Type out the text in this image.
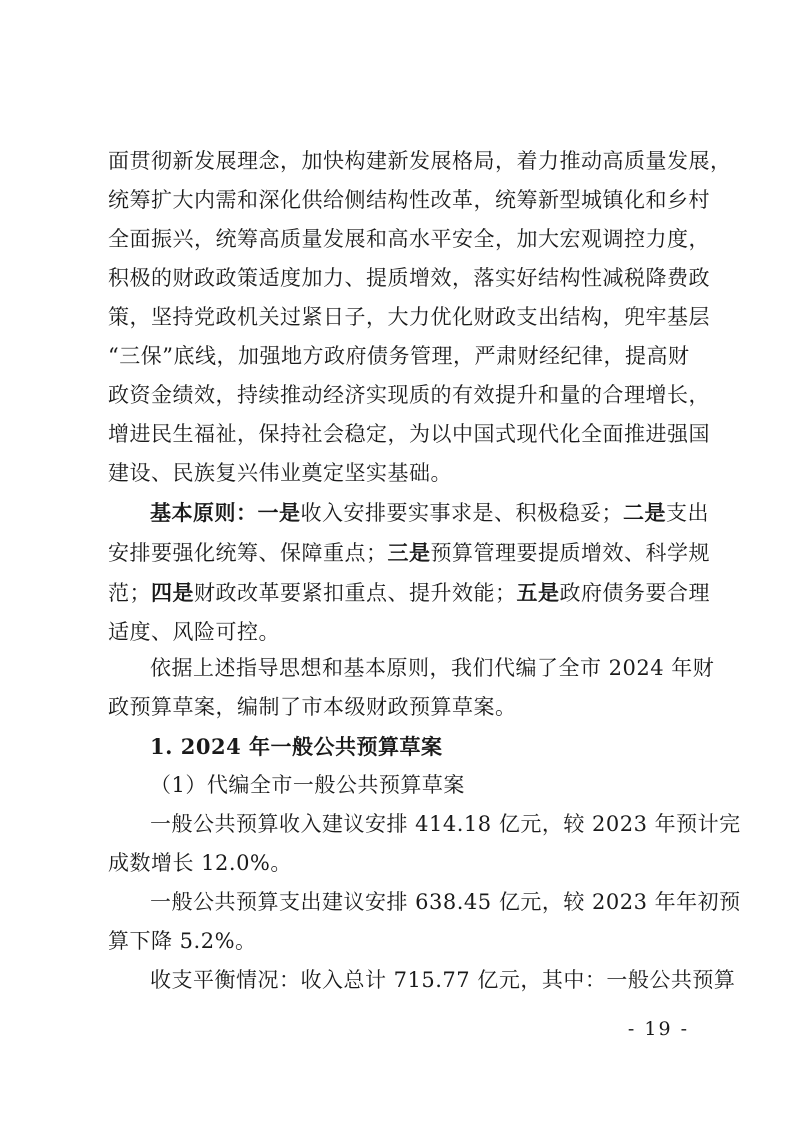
面贯彻新发展理念，加快构建新发展格局，着力推动高质量发展，
统筹扩大内需和深化供给侧结构性改革，统筹新型城镇化和乡村
全面振兴，统筹高质量发展和高水平安全，加大宏观调控力度，
积极的财政政策适度加力、提质增效，落实好结构性减税降费政
策，坚持党政机关过紧日子，大力优化财政支出结构，兜牢基层
“三保”底线，加强地方政府债务管理，严肃财经纪律，提高财
政资金绩效，持续推动经济实现质的有效提升和量的合理增长，
增进民生福祉，保持社会稳定，为以中国式现代化全面推进强国
建设、民族复兴伟业奠定坚实基础。

基本原则：一是收入安排要实事求是、积极稳妥；二是支出
安排要强化统筹、保障重点；三是预算管理要提质增效、科学规
范；四是财政改革要紧扣重点、提升效能；五是政府债务要合理
适度、风险可控。

依据上述指导思想和基本原则，我们代编了全市 2024 年财
政预算草案，编制了市本级财政预算草案。

1. 2024 年一般公共预算草案

（1）代编全市一般公共预算草案

一般公共预算收入建议安排 414.18 亿元，较 2023 年预计完
成数增长 12.0%。

一般公共预算支出建议安排 638.45 亿元，较 2023 年年初预
算下降 5.2%。

收支平衡情况：收入总计 715.77 亿元，其中：一般公共预算

- 19 -
